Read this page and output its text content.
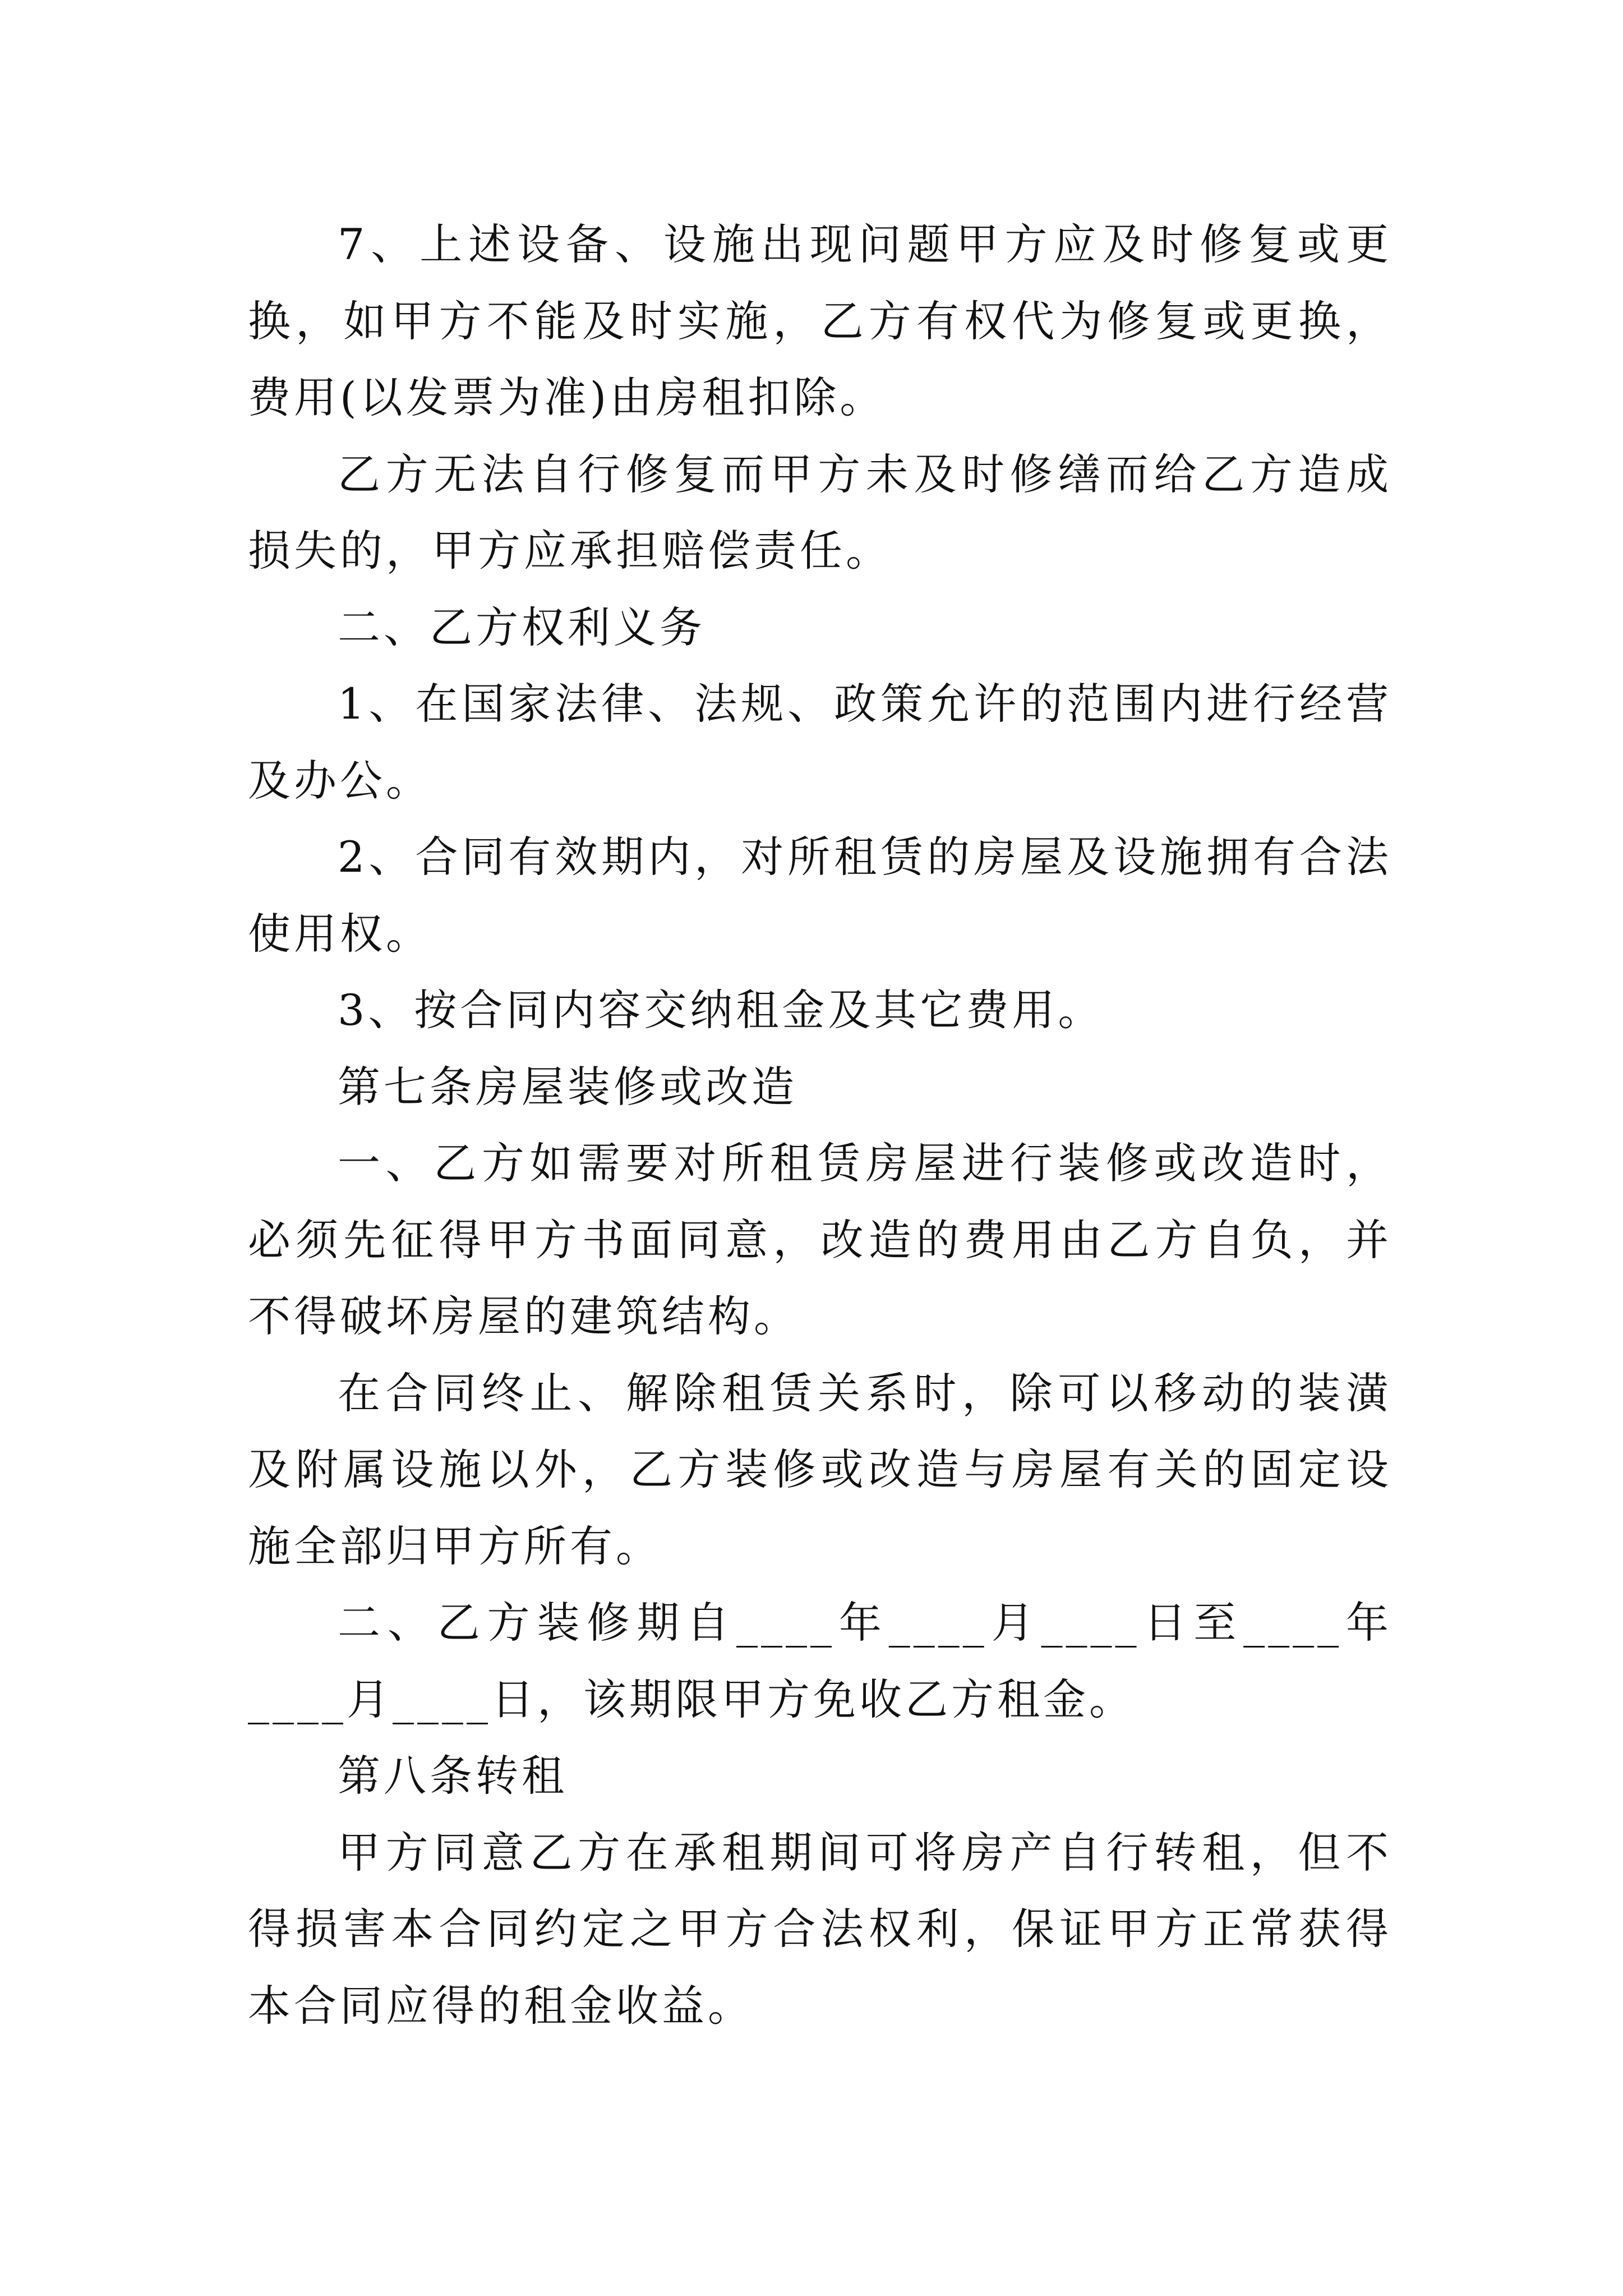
7、上述设备、设施出现问题甲方应及时修复或更换，如甲方不能及时实施，乙方有权代为修复或更换，费用(以发票为准)由房租扣除。

乙方无法自行修复而甲方未及时修缮而给乙方造成损失的，甲方应承担赔偿责任。

二、乙方权利义务

1、在国家法律、法规、政策允许的范围内进行经营及办公。

2、合同有效期内，对所租赁的房屋及设施拥有合法使用权。

3、按合同内容交纳租金及其它费用。

第七条房屋装修或改造

一、乙方如需要对所租赁房屋进行装修或改造时，必须先征得甲方书面同意，改造的费用由乙方自负，并不得破坏房屋的建筑结构。

在合同终止、解除租赁关系时，除可以移动的装潢及附属设施以外，乙方装修或改造与房屋有关的固定设施全部归甲方所有。

二、乙方装修期自____年____月____日至____年____月____日，该期限甲方免收乙方租金。

第八条转租

甲方同意乙方在承租期间可将房产自行转租，但不得损害本合同约定之甲方合法权利，保证甲方正常获得本合同应得的租金收益。
